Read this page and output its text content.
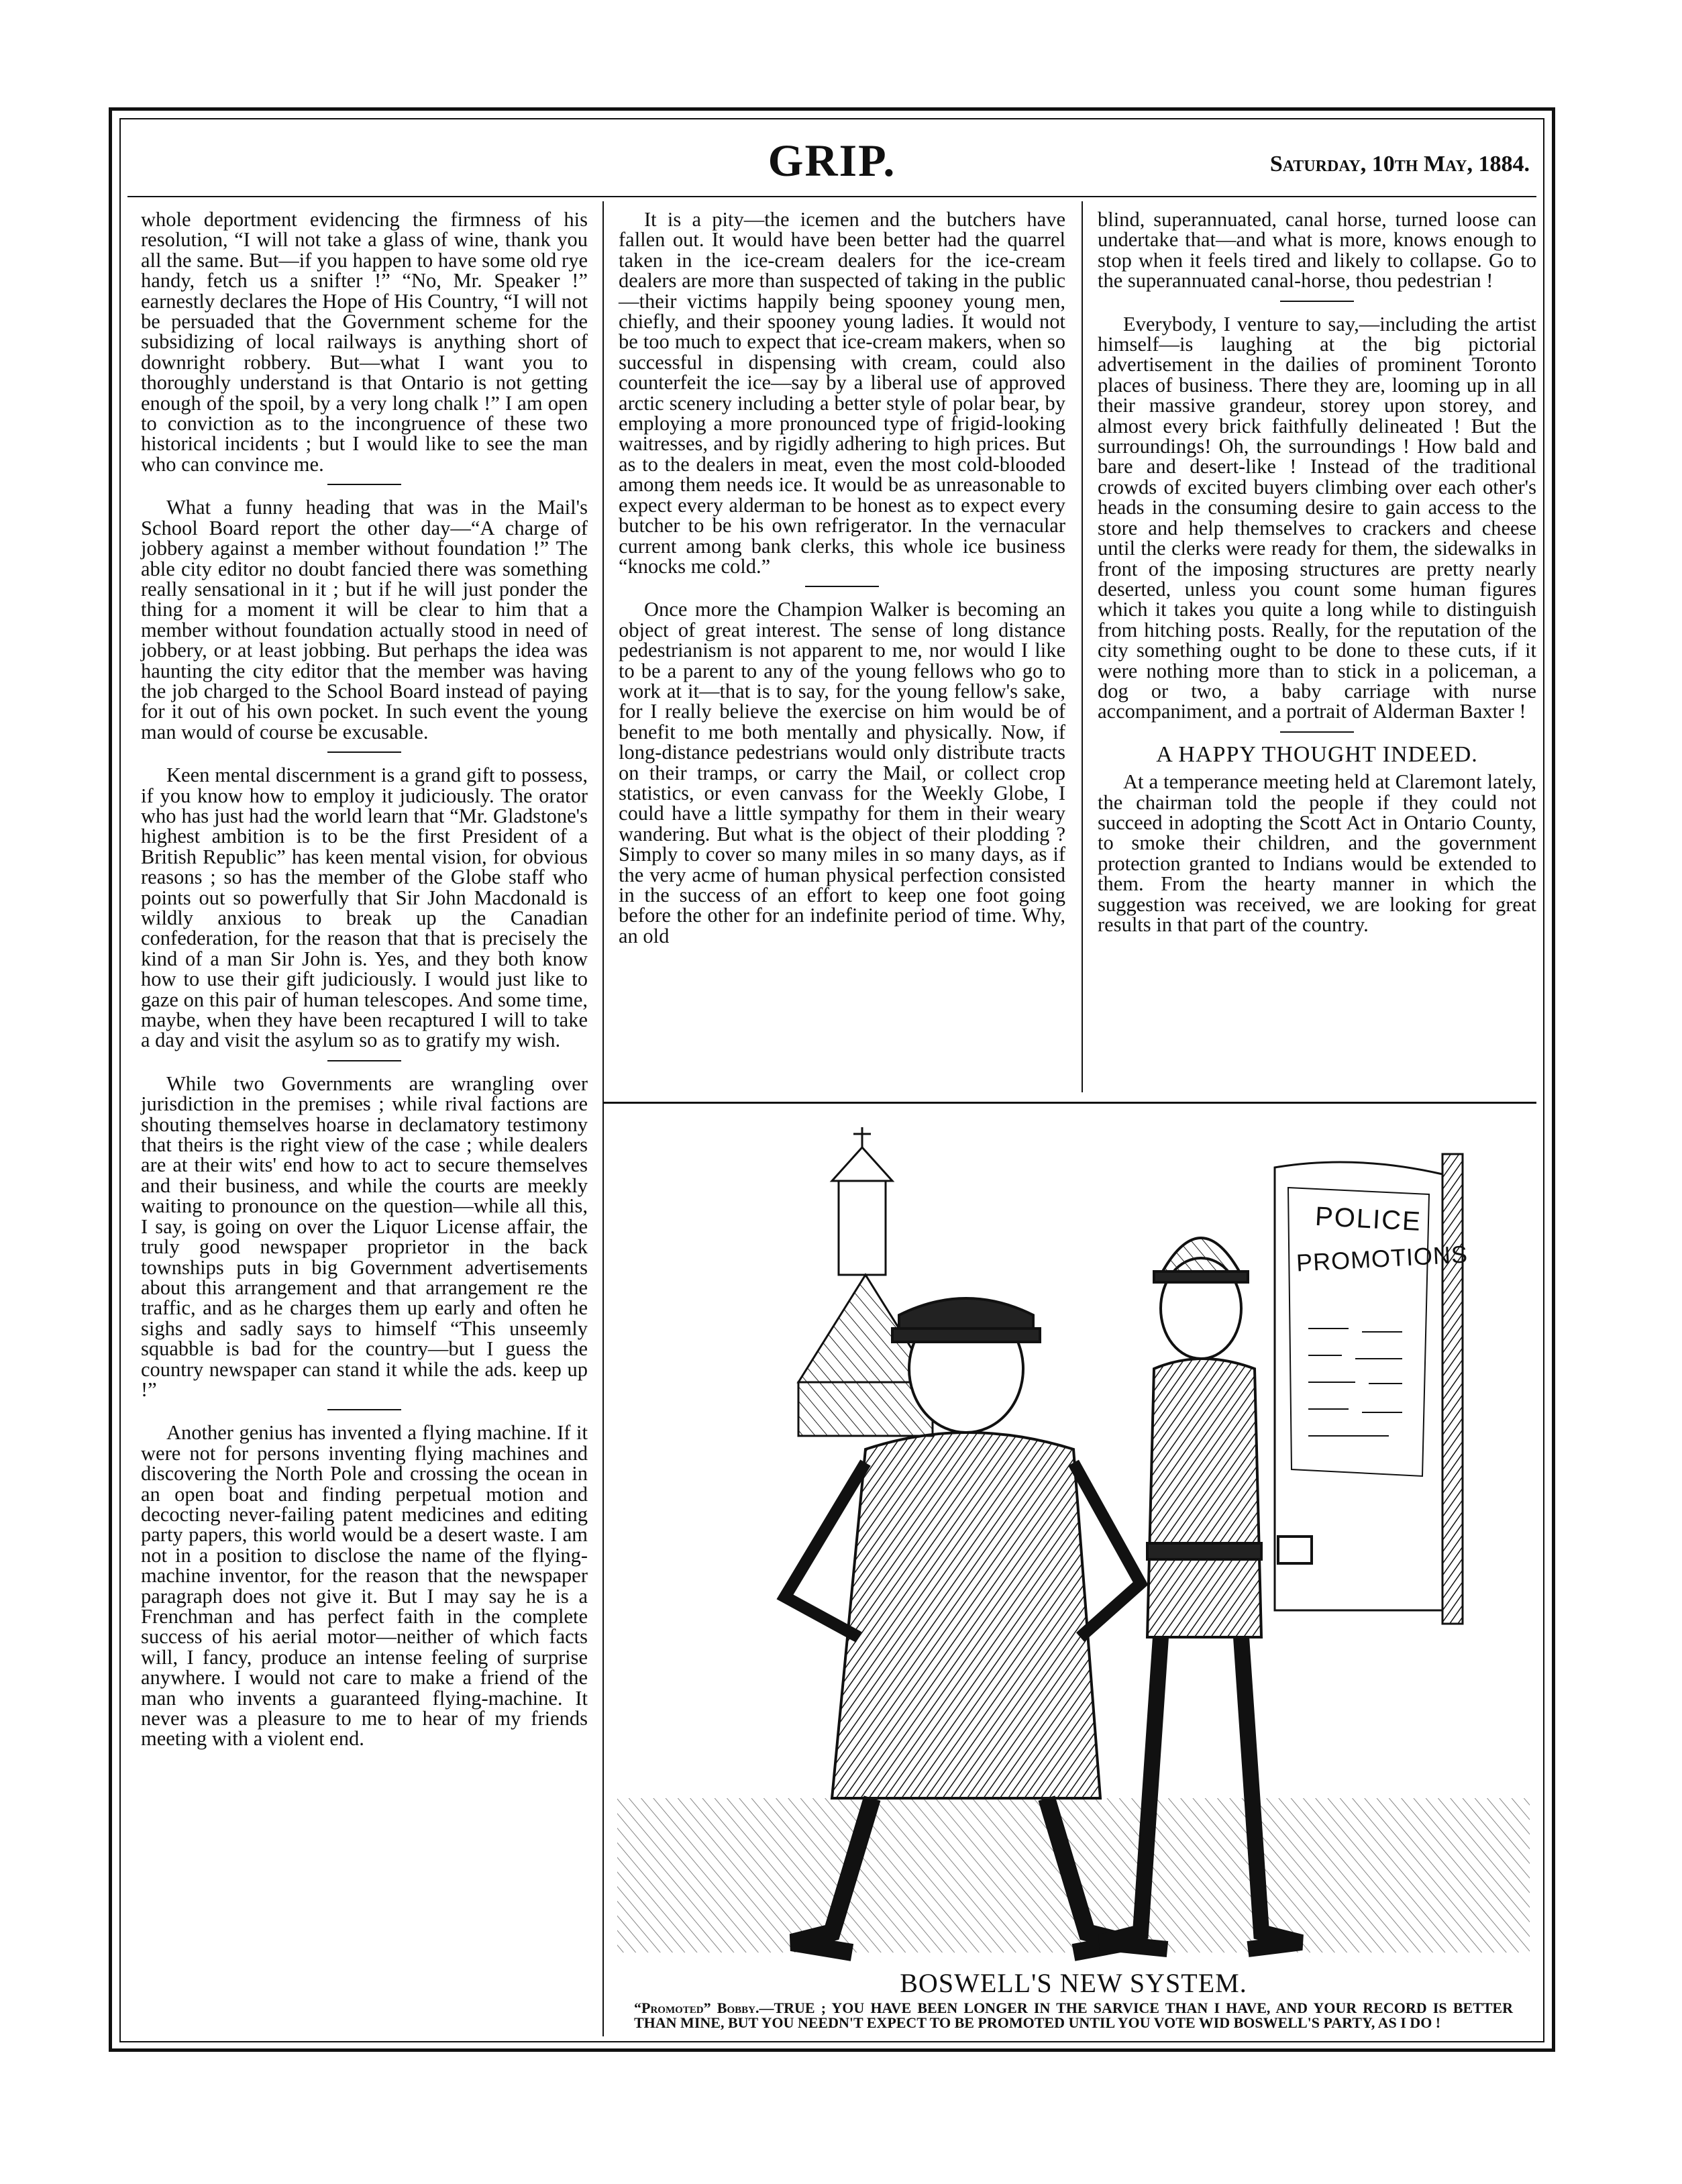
GRIP.	Saturday, 10th May, 1884.

whole deportment evidencing the firmness of his resolution, “I will not take a glass of wine, thank you all the same. But—if you happen to have some old rye handy, fetch us a snifter !” “No, Mr. Speaker !” earnestly declares the Hope of His Country, “I will not be persuaded that the Government scheme for the subsidizing of local railways is anything short of downright robbery. But—what I want you to thoroughly understand is that Ontario is not getting enough of the spoil, by a very long chalk !” I am open to conviction as to the incongruence of these two historical incidents ; but I would like to see the man who can convince me.

What a funny heading that was in the Mail's School Board report the other day—“A charge of jobbery against a member without foundation !” The able city editor no doubt fancied there was something really sensational in it ; but if he will just ponder the thing for a moment it will be clear to him that a member without foundation actually stood in need of jobbery, or at least jobbing. But perhaps the idea was haunting the city editor that the member was having the job charged to the School Board instead of paying for it out of his own pocket. In such event the young man would of course be excusable.

Keen mental discernment is a grand gift to possess, if you know how to employ it judiciously. The orator who has just had the world learn that “Mr. Gladstone's highest ambition is to be the first President of a British Republic” has keen mental vision, for obvious reasons ; so has the member of the Globe staff who points out so powerfully that Sir John Macdonald is wildly anxious to break up the Canadian confederation, for the reason that that is precisely the kind of a man Sir John is. Yes, and they both know how to use their gift judiciously. I would just like to gaze on this pair of human telescopes. And some time, maybe, when they have been recaptured I will to take a day and visit the asylum so as to gratify my wish.

While two Governments are wrangling over jurisdiction in the premises ; while rival factions are shouting themselves hoarse in declamatory testimony that theirs is the right view of the case ; while dealers are at their wits' end how to act to secure themselves and their business, and while the courts are meekly waiting to pronounce on the question—while all this, I say, is going on over the Liquor License affair, the truly good newspaper proprietor in the back townships puts in big Government advertisements about this arrangement and that arrangement re the traffic, and as he charges them up early and often he sighs and sadly says to himself “This unseemly squabble is bad for the country—but I guess the country newspaper can stand it while the ads. keep up !”

Another genius has invented a flying machine. If it were not for persons inventing flying machines and discovering the North Pole and crossing the ocean in an open boat and finding perpetual motion and decocting never-failing patent medicines and editing party papers, this world would be a desert waste. I am not in a position to disclose the name of the flying-machine inventor, for the reason that the newspaper paragraph does not give it. But I may say he is a Frenchman and has perfect faith in the complete success of his aerial motor—neither of which facts will, I fancy, produce an intense feeling of surprise anywhere. I would not care to make a friend of the man who invents a guaranteed flying-machine. It never was a pleasure to me to hear of my friends meeting with a violent end.

It is a pity—the icemen and the butchers have fallen out. It would have been better had the quarrel taken in the ice-cream dealers for the ice-cream dealers are more than suspected of taking in the public—their victims happily being spooney young men, chiefly, and their spooney young ladies. It would not be too much to expect that ice-cream makers, when so successful in dispensing with cream, could also counterfeit the ice—say by a liberal use of approved arctic scenery including a better style of polar bear, by employing a more pronounced type of frigid-looking waitresses, and by rigidly adhering to high prices. But as to the dealers in meat, even the most cold-blooded among them needs ice. It would be as unreasonable to expect every alderman to be honest as to expect every butcher to be his own refrigerator. In the vernacular current among bank clerks, this whole ice business “knocks me cold.”

Once more the Champion Walker is becoming an object of great interest. The sense of long distance pedestrianism is not apparent to me, nor would I like to be a parent to any of the young fellows who go to work at it—that is to say, for the young fellow's sake, for I really believe the exercise on him would be of benefit to me both mentally and physically. Now, if long-distance pedestrians would only distribute tracts on their tramps, or carry the Mail, or collect crop statistics, or even canvass for the Weekly Globe, I could have a little sympathy for them in their weary wandering. But what is the object of their plodding ? Simply to cover so many miles in so many days, as if the very acme of human physical perfection consisted in the success of an effort to keep one foot going before the other for an indefinite period of time. Why, an old

blind, superannuated, canal horse, turned loose can undertake that—and what is more, knows enough to stop when it feels tired and likely to collapse. Go to the superannuated canal-horse, thou pedestrian !

Everybody, I venture to say,—including the artist himself—is laughing at the big pictorial advertisement in the dailies of prominent Toronto places of business. There they are, looming up in all their massive grandeur, storey upon storey, and almost every brick faithfully delineated ! But the surroundings! Oh, the surroundings ! How bald and bare and desert-like ! Instead of the traditional crowds of excited buyers climbing over each other's heads in the consuming desire to gain access to the store and help themselves to crackers and cheese until the clerks were ready for them, the sidewalks in front of the imposing structures are pretty nearly deserted, unless you count some human figures which it takes you quite a long while to distinguish from hitching posts. Really, for the reputation of the city something ought to be done to these cuts, if it were nothing more than to stick in a policeman, a dog or two, a baby carriage with nurse accompaniment, and a portrait of Alderman Baxter !

A HAPPY THOUGHT INDEED.

At a temperance meeting held at Claremont lately, the chairman told the people if they could not succeed in adopting the Scott Act in Ontario County, to smoke their children, and the government protection granted to Indians would be extended to them. From the hearty manner in which the suggestion was received, we are looking for great results in that part of the country.

POLICE
PROMOTIONS
BOSWELL'S NEW SYSTEM.
“Promoted” Bobby.—TRUE ; YOU HAVE BEEN LONGER IN THE SARVICE THAN I HAVE, AND YOUR RECORD IS BETTER THAN MINE, BUT YOU NEEDN'T EXPECT TO BE PROMOTED UNTIL YOU VOTE WID BOSWELL'S PARTY, AS I DO !
